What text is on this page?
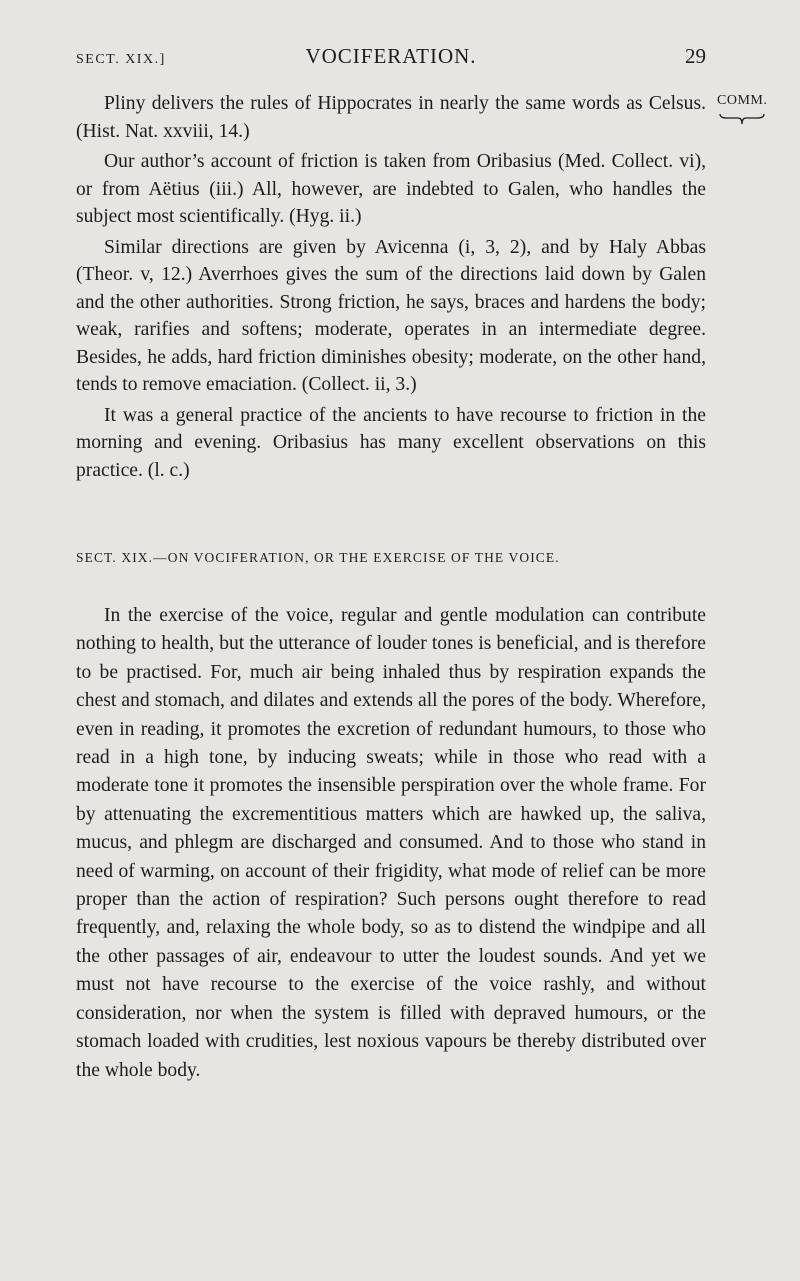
SECT. XIX.]	VOCIFERATION.	29
COMM.

Pliny delivers the rules of Hippocrates in nearly the same words as Celsus. (Hist. Nat. xxviii, 14.)

Our author’s account of friction is taken from Oribasius (Med. Collect. vi), or from Aëtius (iii.) All, however, are indebted to Galen, who handles the subject most scientifically. (Hyg. ii.)

Similar directions are given by Avicenna (i, 3, 2), and by Haly Abbas (Theor. v, 12.) Averrhoes gives the sum of the directions laid down by Galen and the other authorities. Strong friction, he says, braces and hardens the body; weak, rarifies and softens; moderate, operates in an intermediate degree. Besides, he adds, hard friction diminishes obesity; moderate, on the other hand, tends to remove emaciation. (Collect. ii, 3.)

It was a general practice of the ancients to have recourse to friction in the morning and evening. Oribasius has many excellent observations on this practice. (l. c.)

SECT. XIX.—ON VOCIFERATION, OR THE EXERCISE OF THE VOICE.

In the exercise of the voice, regular and gentle modulation can contribute nothing to health, but the utterance of louder tones is beneficial, and is therefore to be practised. For, much air being inhaled thus by respiration expands the chest and stomach, and dilates and extends all the pores of the body. Wherefore, even in reading, it promotes the excretion of redundant humours, to those who read in a high tone, by inducing sweats; while in those who read with a moderate tone it promotes the insensible perspiration over the whole frame. For by attenuating the excrementitious matters which are hawked up, the saliva, mucus, and phlegm are discharged and consumed. And to those who stand in need of warming, on account of their frigidity, what mode of relief can be more proper than the action of respiration? Such persons ought therefore to read frequently, and, relaxing the whole body, so as to distend the windpipe and all the other passages of air, endeavour to utter the loudest sounds. And yet we must not have recourse to the exercise of the voice rashly, and without consideration, nor when the system is filled with depraved humours, or the stomach loaded with crudities, lest noxious vapours be thereby distributed over the whole body.
